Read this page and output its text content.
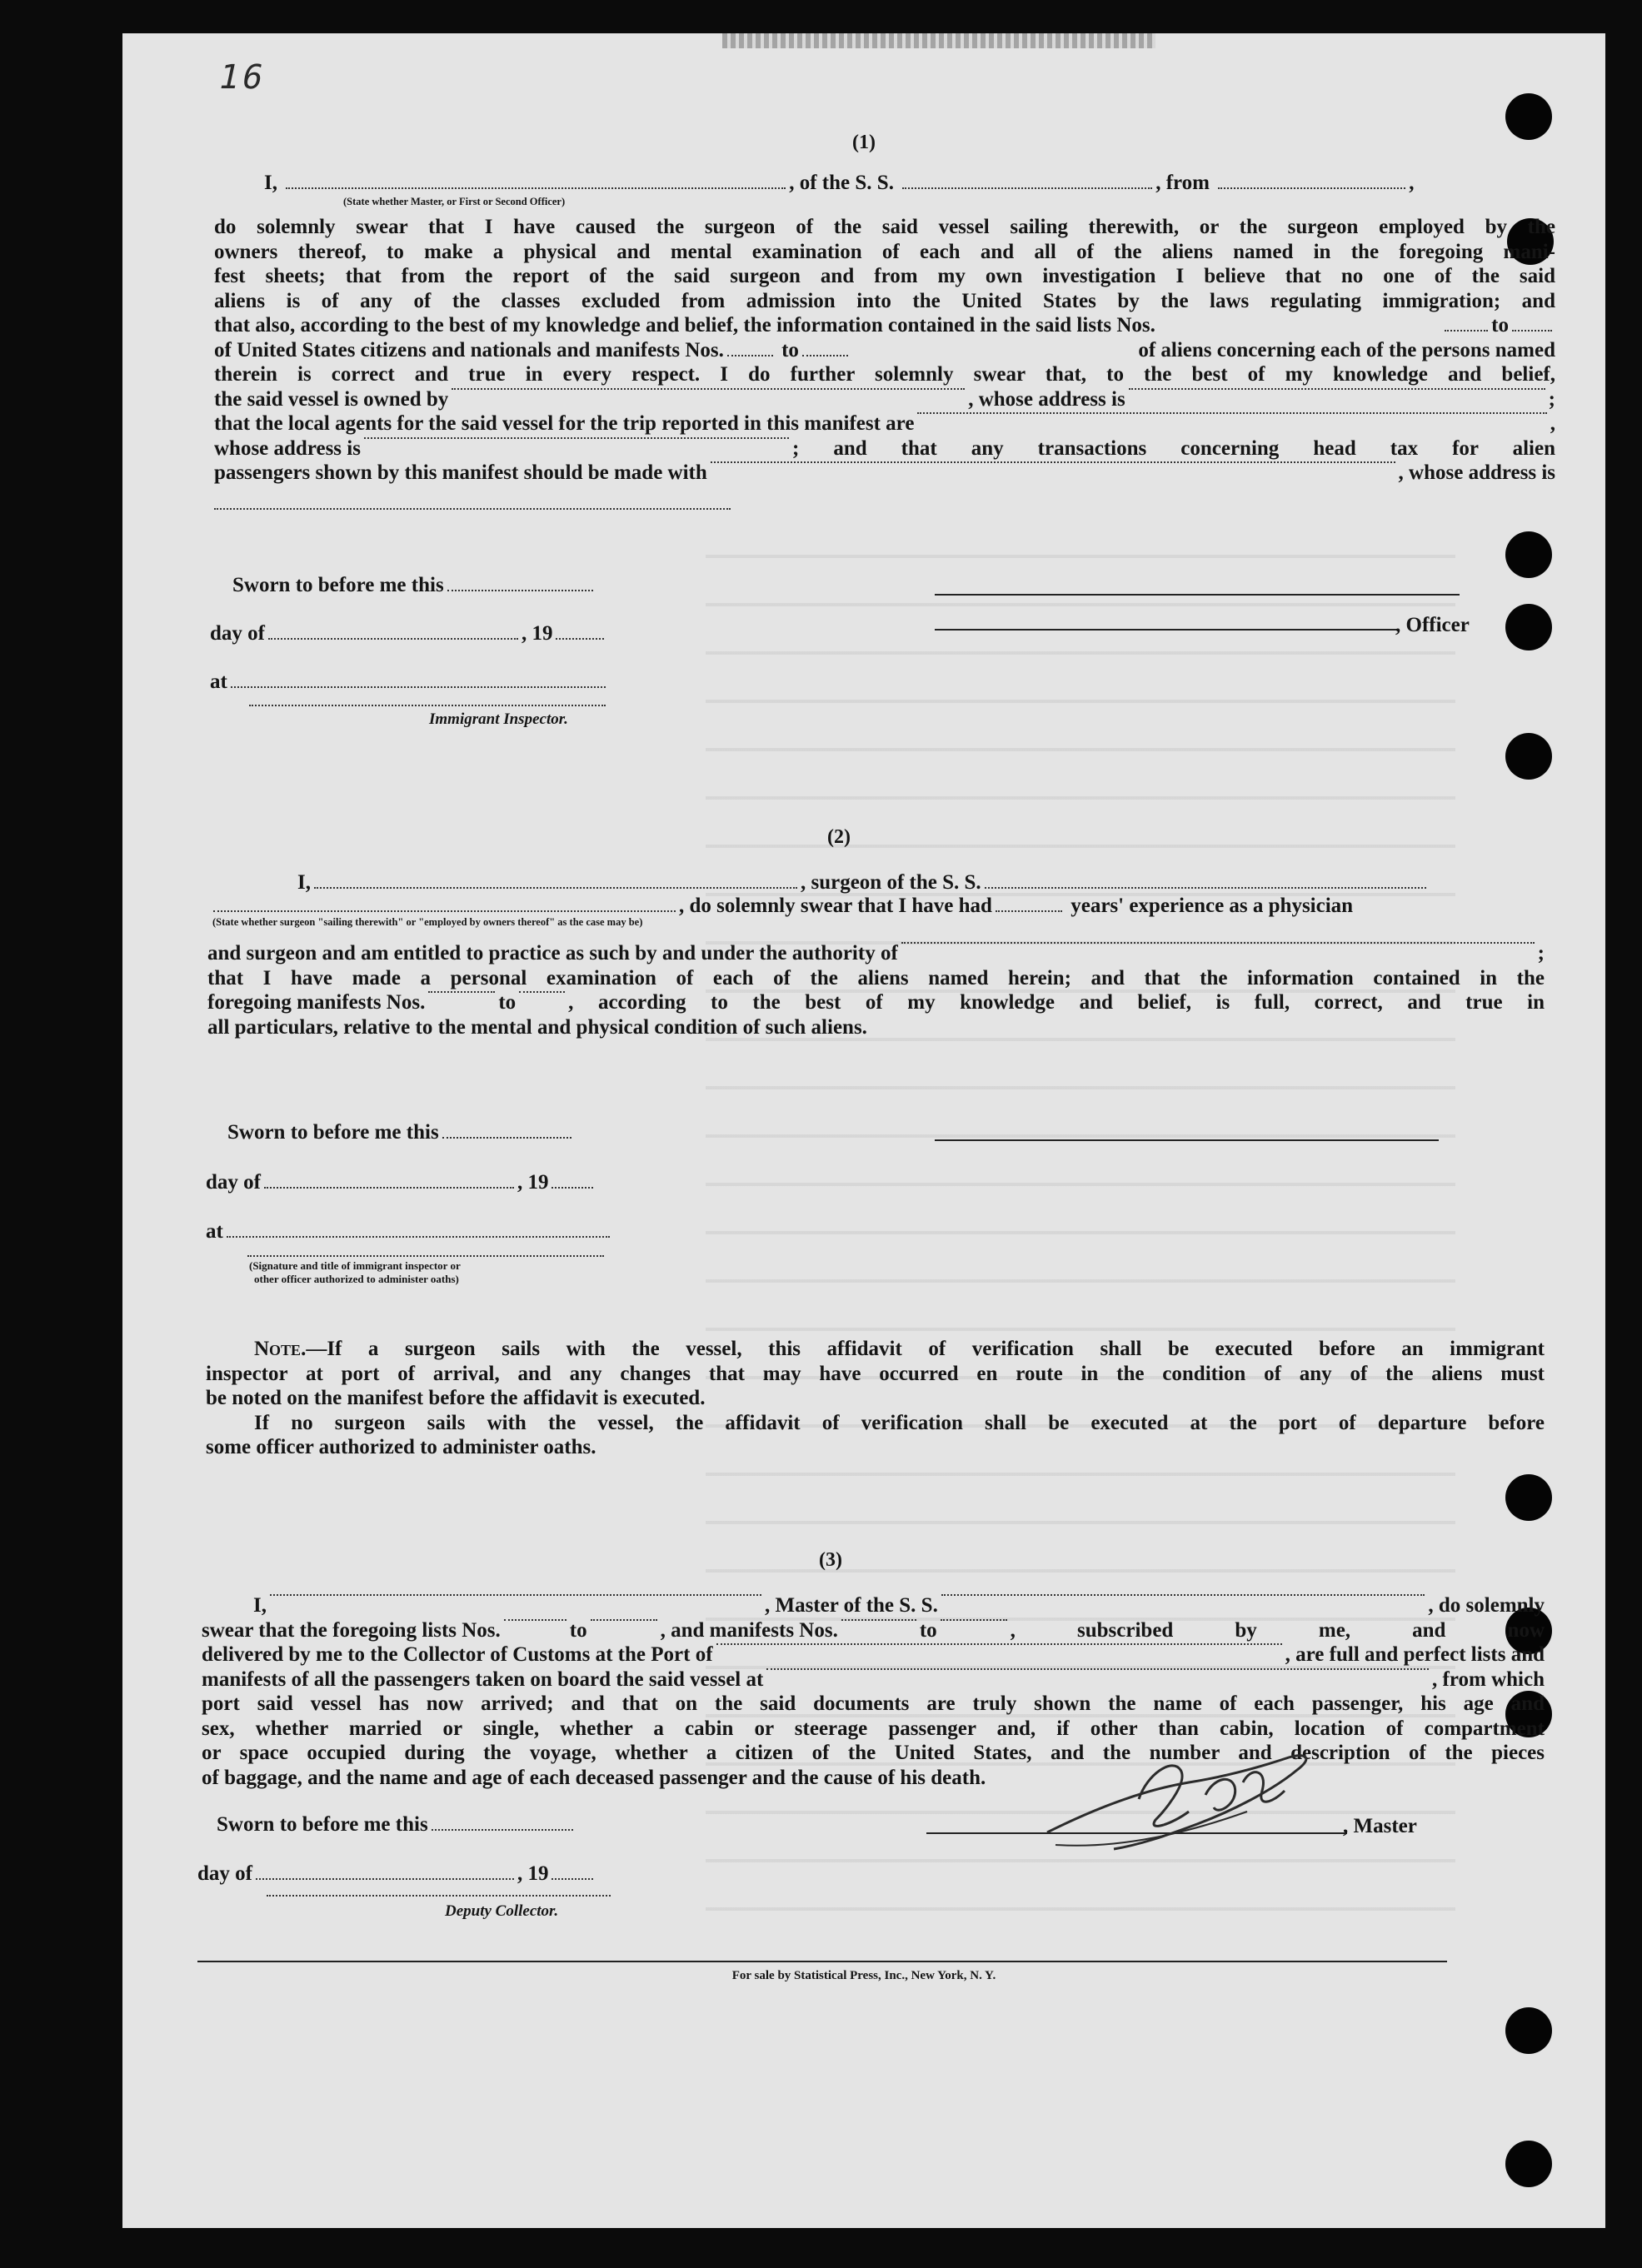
16
(1)
I,	, of the S. S.	, from	,
(State whether Master, or First or Second Officer)
do solemnly swear that I have caused the surgeon of the said vessel sailing therewith, or the surgeon employed by the
owners thereof, to make a physical and mental examination of each and all of the aliens named in the foregoing mani-
fest sheets; that from the report of the said surgeon and from my own investigation I believe that no one of the said
aliens is of any of the classes excluded from admission into the United States by the laws regulating immigration; and
that also, according to the best of my knowledge and belief, the information contained in the said lists Nos.	to
of United States citizens and nationals and manifests Nos.	to	of aliens concerning each of the persons named
therein is correct and true in every respect. I do further solemnly swear that, to the best of my knowledge and belief,
the said vessel is owned by	, whose address is	;
that the local agents for the said vessel for the trip reported in this manifest are	,
whose address is	; and that any transactions concerning head tax for alien
passengers shown by this manifest should be made with	, whose address is
Sworn to before me this
day of	, 19	, Officer
at
Immigrant Inspector.
(2)
I,	, surgeon of the S. S.
, do solemnly swear that I have had	years' experience as a physician
(State whether surgeon "sailing therewith" or "employed by owners thereof" as the case may be)
and surgeon and am entitled to practice as such by and under the authority of	;
that I have made a personal examination of each of the aliens named herein; and that the information contained in the
foregoing manifests Nos.	to	, according to the best of my knowledge and belief, is full, correct, and true in
all particulars, relative to the mental and physical condition of such aliens.
Sworn to before me this
day of	, 19
at
(Signature and title of immigrant inspector or
other officer authorized to administer oaths)
Note.—If a surgeon sails with the vessel, this affidavit of verification shall be executed before an immigrant
inspector at port of arrival, and any changes that may have occurred en route in the condition of any of the aliens must
be noted on the manifest before the affidavit is executed.
If no surgeon sails with the vessel, the affidavit of verification shall be executed at the port of departure before
some officer authorized to administer oaths.
(3)
I,	, Master of the S. S.	, do solemnly
swear that the foregoing lists Nos.	to	, and manifests Nos.	to	, subscribed by me, and now
delivered by me to the Collector of Customs at the Port of	, are full and perfect lists and
manifests of all the passengers taken on board the said vessel at	, from which
port said vessel has now arrived; and that on the said documents are truly shown the name of each passenger, his age and
sex, whether married or single, whether a cabin or steerage passenger and, if other than cabin, location of compartment
or space occupied during the voyage, whether a citizen of the United States, and the number and description of the pieces
of baggage, and the name and age of each deceased passenger and the cause of his death.
Sworn to before me this	, Master
day of	, 19
Deputy Collector.
For sale by Statistical Press, Inc., New York, N. Y.
